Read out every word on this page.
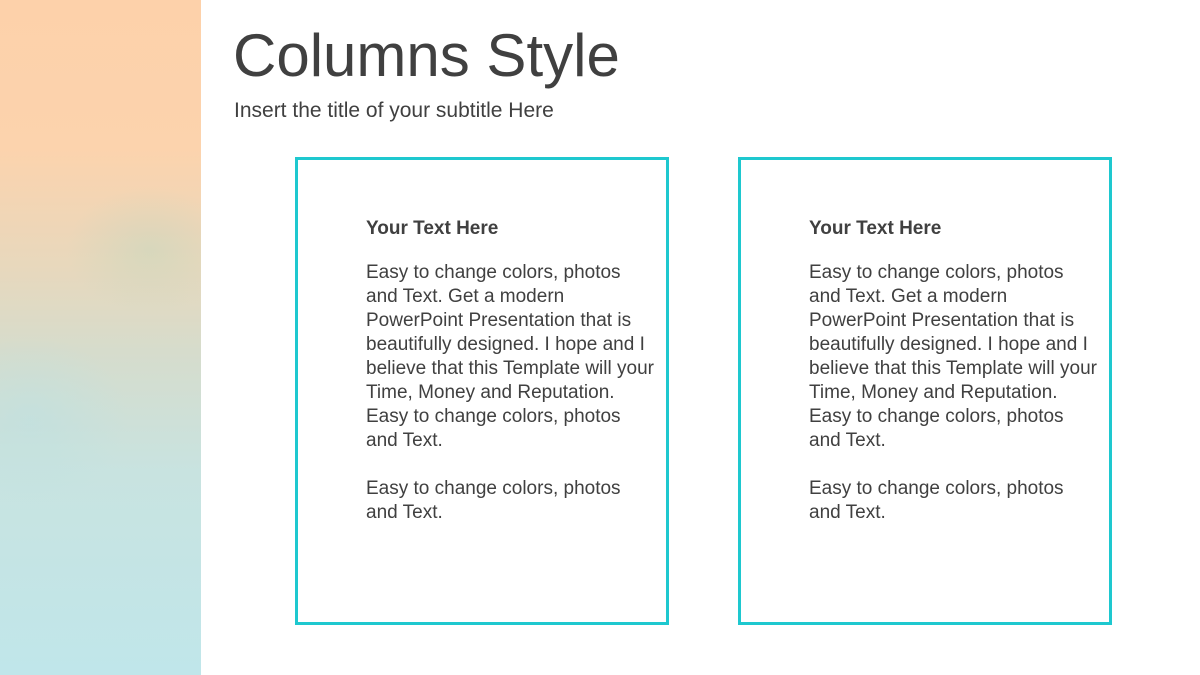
Columns Style

Insert the title of your subtitle Here

Your Text Here

Easy to change colors, photos and Text. Get a modern PowerPoint Presentation that is beautifully designed. I hope and I believe that this Template will your Time, Money and Reputation. Easy to change colors, photos and Text.

Easy to change colors, photos and Text.

Your Text Here

Easy to change colors, photos and Text. Get a modern PowerPoint Presentation that is beautifully designed. I hope and I believe that this Template will your Time, Money and Reputation. Easy to change colors, photos and Text.

Easy to change colors, photos and Text.
